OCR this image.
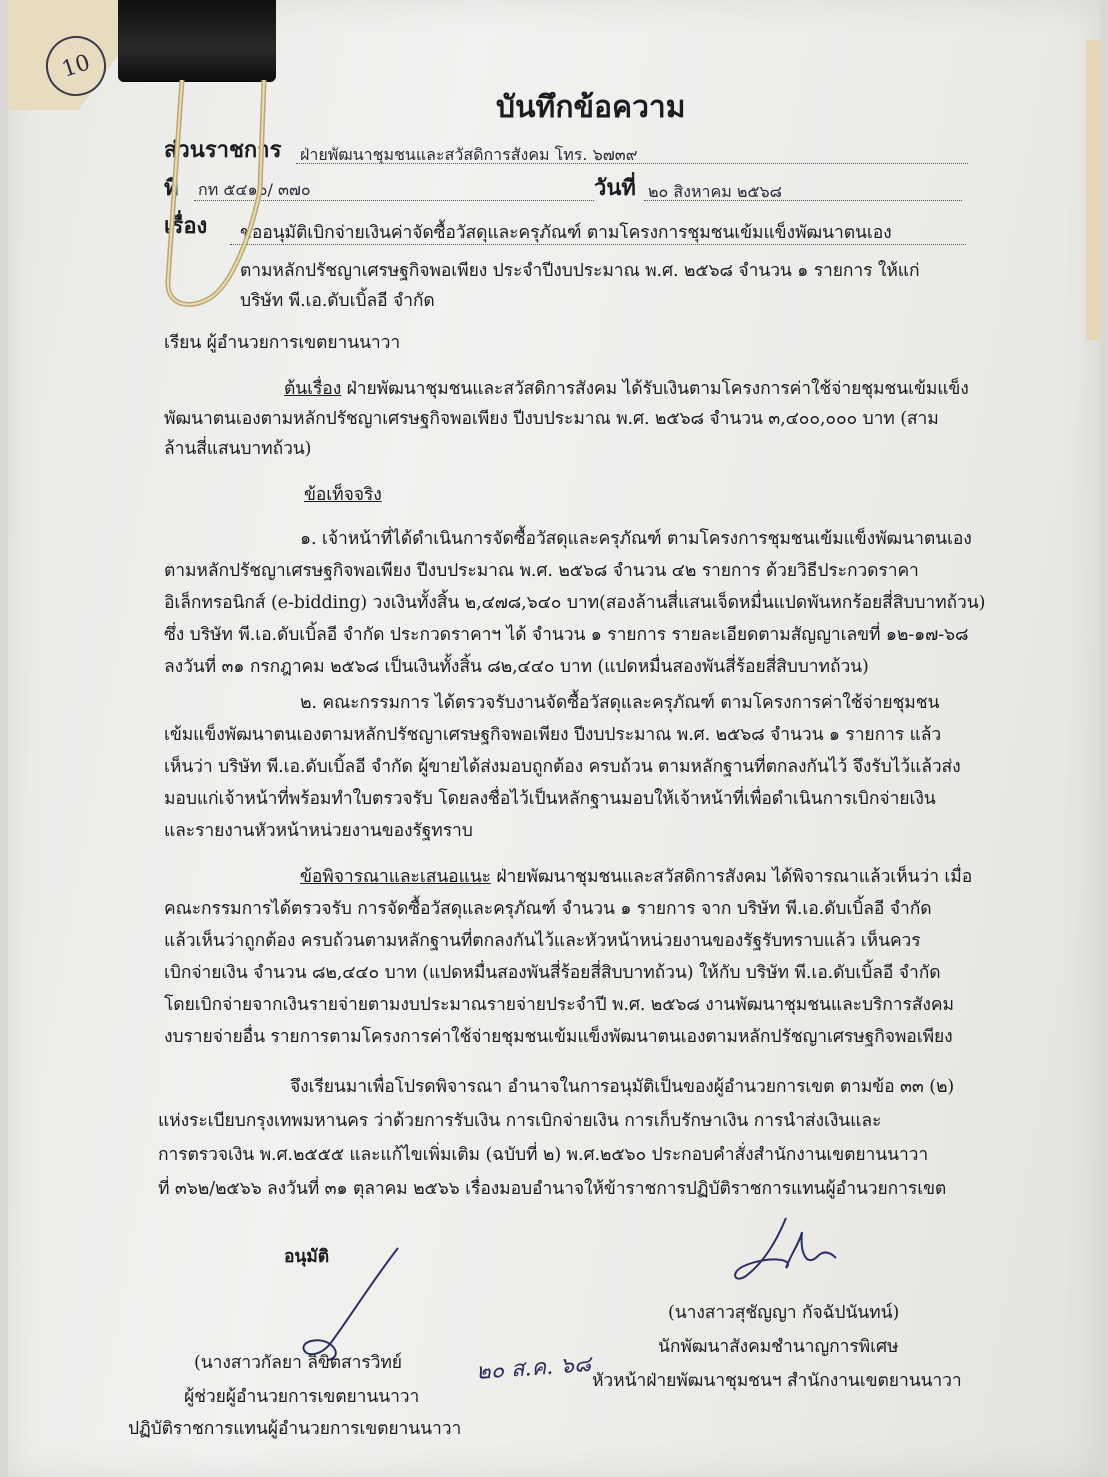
10
บันทึกข้อความ
ส่วนราชการ ฝ่ายพัฒนาชุมชนและสวัสดิการสังคม โทร. ๖๗๓๙
ที่ กท ๕๔๑๐/ ๓๗๐	วันที่ ๒๐ สิงหาคม ๒๕๖๘
เรื่อง ขออนุมัติเบิกจ่ายเงินค่าจัดซื้อวัสดุและครุภัณฑ์ ตามโครงการชุมชนเข้มแข็งพัฒนาตนเอง
ตามหลักปรัชญาเศรษฐกิจพอเพียง ประจำปีงบประมาณ พ.ศ. ๒๕๖๘ จำนวน ๑ รายการ ให้แก่
บริษัท พี.เอ.ดับเบิ้ลอี จำกัด
เรียน ผู้อำนวยการเขตยานนาวา
ต้นเรื่อง ฝ่ายพัฒนาชุมชนและสวัสดิการสังคม ได้รับเงินตามโครงการค่าใช้จ่ายชุมชนเข้มแข็ง
พัฒนาตนเองตามหลักปรัชญาเศรษฐกิจพอเพียง ปีงบประมาณ พ.ศ. ๒๕๖๘ จำนวน ๓,๔๐๐,๐๐๐ บาท (สาม
ล้านสี่แสนบาทถ้วน)
ข้อเท็จจริง
๑. เจ้าหน้าที่ได้ดำเนินการจัดซื้อวัสดุและครุภัณฑ์ ตามโครงการชุมชนเข้มแข็งพัฒนาตนเอง
ตามหลักปรัชญาเศรษฐกิจพอเพียง ปีงบประมาณ พ.ศ. ๒๕๖๘ จำนวน ๔๒ รายการ ด้วยวิธีประกวดราคา
อิเล็กทรอนิกส์ (e-bidding) วงเงินทั้งสิ้น ๒,๔๗๘,๖๔๐ บาท(สองล้านสี่แสนเจ็ดหมื่นแปดพันหกร้อยสี่สิบบาทถ้วน)
ซึ่ง บริษัท พี.เอ.ดับเบิ้ลอี จำกัด ประกวดราคาฯ ได้ จำนวน ๑ รายการ รายละเอียดตามสัญญาเลขที่ ๑๒-๑๗-๖๘
ลงวันที่ ๓๑ กรกฎาคม ๒๕๖๘ เป็นเงินทั้งสิ้น ๘๒,๔๔๐ บาท (แปดหมื่นสองพันสี่ร้อยสี่สิบบาทถ้วน)
๒. คณะกรรมการ ได้ตรวจรับงานจัดซื้อวัสดุและครุภัณฑ์ ตามโครงการค่าใช้จ่ายชุมชน
เข้มแข็งพัฒนาตนเองตามหลักปรัชญาเศรษฐกิจพอเพียง ปีงบประมาณ พ.ศ. ๒๕๖๘ จำนวน ๑ รายการ แล้ว
เห็นว่า บริษัท พี.เอ.ดับเบิ้ลอี จำกัด ผู้ขายได้ส่งมอบถูกต้อง ครบถ้วน ตามหลักฐานที่ตกลงกันไว้ จึงรับไว้แล้วส่ง
มอบแก่เจ้าหน้าที่พร้อมทำใบตรวจรับ โดยลงชื่อไว้เป็นหลักฐานมอบให้เจ้าหน้าที่เพื่อดำเนินการเบิกจ่ายเงิน
และรายงานหัวหน้าหน่วยงานของรัฐทราบ
ข้อพิจารณาและเสนอแนะ ฝ่ายพัฒนาชุมชนและสวัสดิการสังคม ได้พิจารณาแล้วเห็นว่า เมื่อ
คณะกรรมการได้ตรวจรับ การจัดซื้อวัสดุและครุภัณฑ์ จำนวน ๑ รายการ จาก บริษัท พี.เอ.ดับเบิ้ลอี จำกัด
แล้วเห็นว่าถูกต้อง ครบถ้วนตามหลักฐานที่ตกลงกันไว้และหัวหน้าหน่วยงานของรัฐรับทราบแล้ว เห็นควร
เบิกจ่ายเงิน จำนวน ๘๒,๔๔๐ บาท (แปดหมื่นสองพันสี่ร้อยสี่สิบบาทถ้วน) ให้กับ บริษัท พี.เอ.ดับเบิ้ลอี จำกัด
โดยเบิกจ่ายจากเงินรายจ่ายตามงบประมาณรายจ่ายประจำปี พ.ศ. ๒๕๖๘ งานพัฒนาชุมชนและบริการสังคม
งบรายจ่ายอื่น รายการตามโครงการค่าใช้จ่ายชุมชนเข้มแข็งพัฒนาตนเองตามหลักปรัชญาเศรษฐกิจพอเพียง
จึงเรียนมาเพื่อโปรดพิจารณา อำนาจในการอนุมัติเป็นของผู้อำนวยการเขต ตามข้อ ๓๓ (๒)
แห่งระเบียบกรุงเทพมหานคร ว่าด้วยการรับเงิน การเบิกจ่ายเงิน การเก็บรักษาเงิน การนำส่งเงินและ
การตรวจเงิน พ.ศ.๒๕๕๕ และแก้ไขเพิ่มเติม (ฉบับที่ ๒) พ.ศ.๒๕๖๐ ประกอบคำสั่งสำนักงานเขตยานนาวา
ที่ ๓๖๒/๒๕๖๖ ลงวันที่ ๓๑ ตุลาคม ๒๕๖๖ เรื่องมอบอำนาจให้ข้าราชการปฏิบัติราชการแทนผู้อำนวยการเขต
อนุมัติ
(นางสาวกัลยา ลิขิตสารวิทย์	๒๐ ส.ค. ๖๘
ผู้ช่วยผู้อำนวยการเขตยานนาวา
ปฏิบัติราชการแทนผู้อำนวยการเขตยานนาวา
(นางสาวสุชัญญา กัจฉัปนันทน์)
นักพัฒนาสังคมชำนาญการพิเศษ
หัวหน้าฝ่ายพัฒนาชุมชนฯ สำนักงานเขตยานนาวา
